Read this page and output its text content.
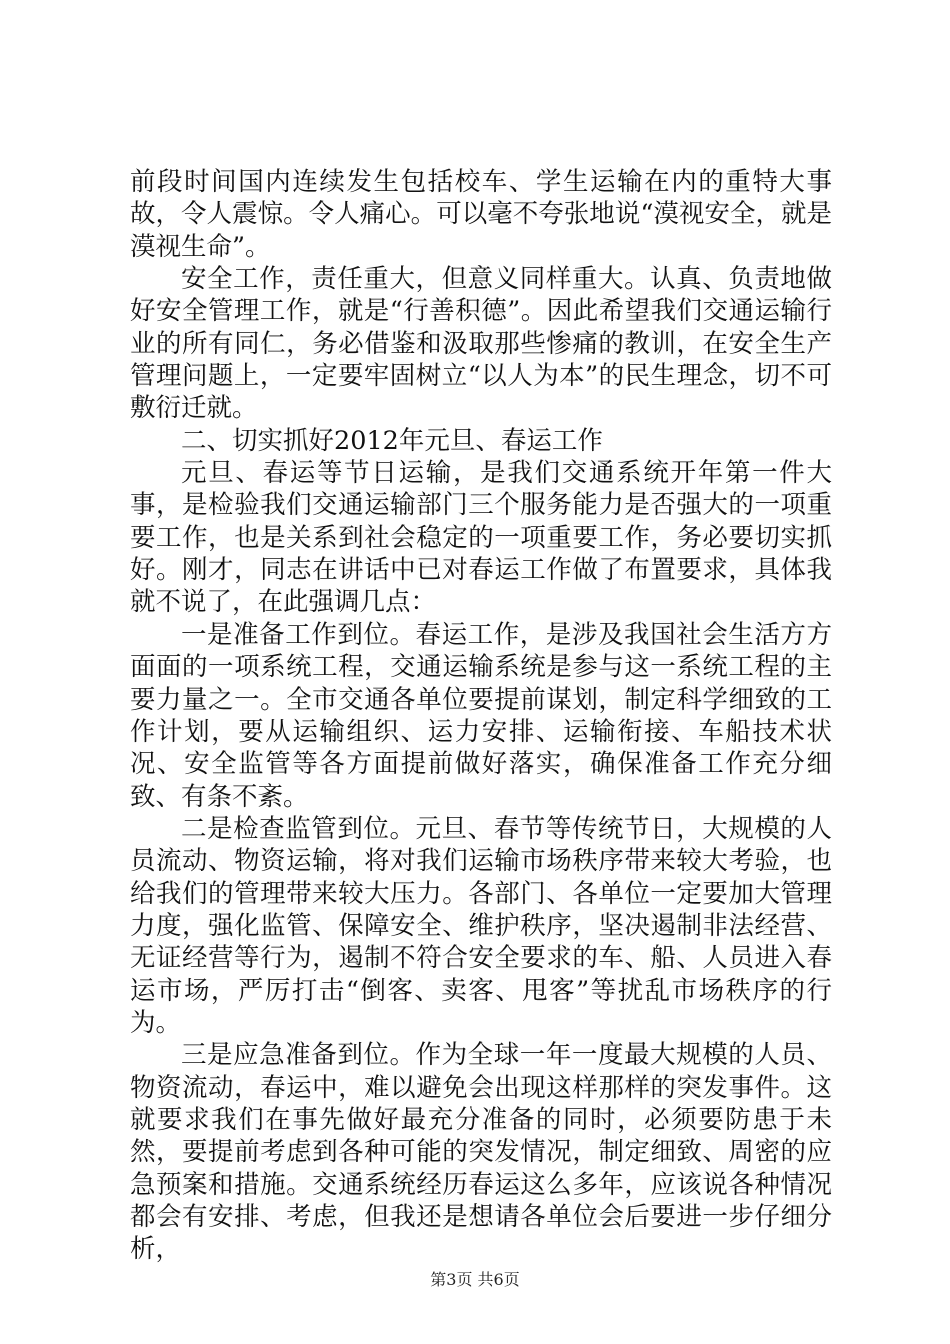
前段时间国内连续发生包括校车、学生运输在内的重特大事故，令人震惊。令人痛心。可以毫不夸张地说“漠视安全，就是漠视生命”。

安全工作，责任重大，但意义同样重大。认真、负责地做好安全管理工作，就是“行善积德”。因此希望我们交通运输行业的所有同仁，务必借鉴和汲取那些惨痛的教训，在安全生产管理问题上，一定要牢固树立“以人为本”的民生理念，切不可敷衍迁就。

二、切实抓好2012年元旦、春运工作

元旦、春运等节日运输，是我们交通系统开年第一件大事，是检验我们交通运输部门三个服务能力是否强大的一项重要工作，也是关系到社会稳定的一项重要工作，务必要切实抓好。刚才，同志在讲话中已对春运工作做了布置要求，具体我就不说了，在此强调几点：

一是准备工作到位。春运工作，是涉及我国社会生活方方面面的一项系统工程，交通运输系统是参与这一系统工程的主要力量之一。全市交通各单位要提前谋划，制定科学细致的工作计划，要从运输组织、运力安排、运输衔接、车船技术状况、安全监管等各方面提前做好落实，确保准备工作充分细致、有条不紊。

二是检查监管到位。元旦、春节等传统节日，大规模的人员流动、物资运输，将对我们运输市场秩序带来较大考验，也给我们的管理带来较大压力。各部门、各单位一定要加大管理力度，强化监管、保障安全、维护秩序，坚决遏制非法经营、无证经营等行为，遏制不符合安全要求的车、船、人员进入春运市场，严厉打击“倒客、卖客、甩客”等扰乱市场秩序的行为。

三是应急准备到位。作为全球一年一度最大规模的人员、物资流动，春运中，难以避免会出现这样那样的突发事件。这就要求我们在事先做好最充分准备的同时，必须要防患于未然，要提前考虑到各种可能的突发情况，制定细致、周密的应急预案和措施。交通系统经历春运这么多年，应该说各种情况都会有安排、考虑，但我还是想请各单位会后要进一步仔细分析，

第3页 共6页
